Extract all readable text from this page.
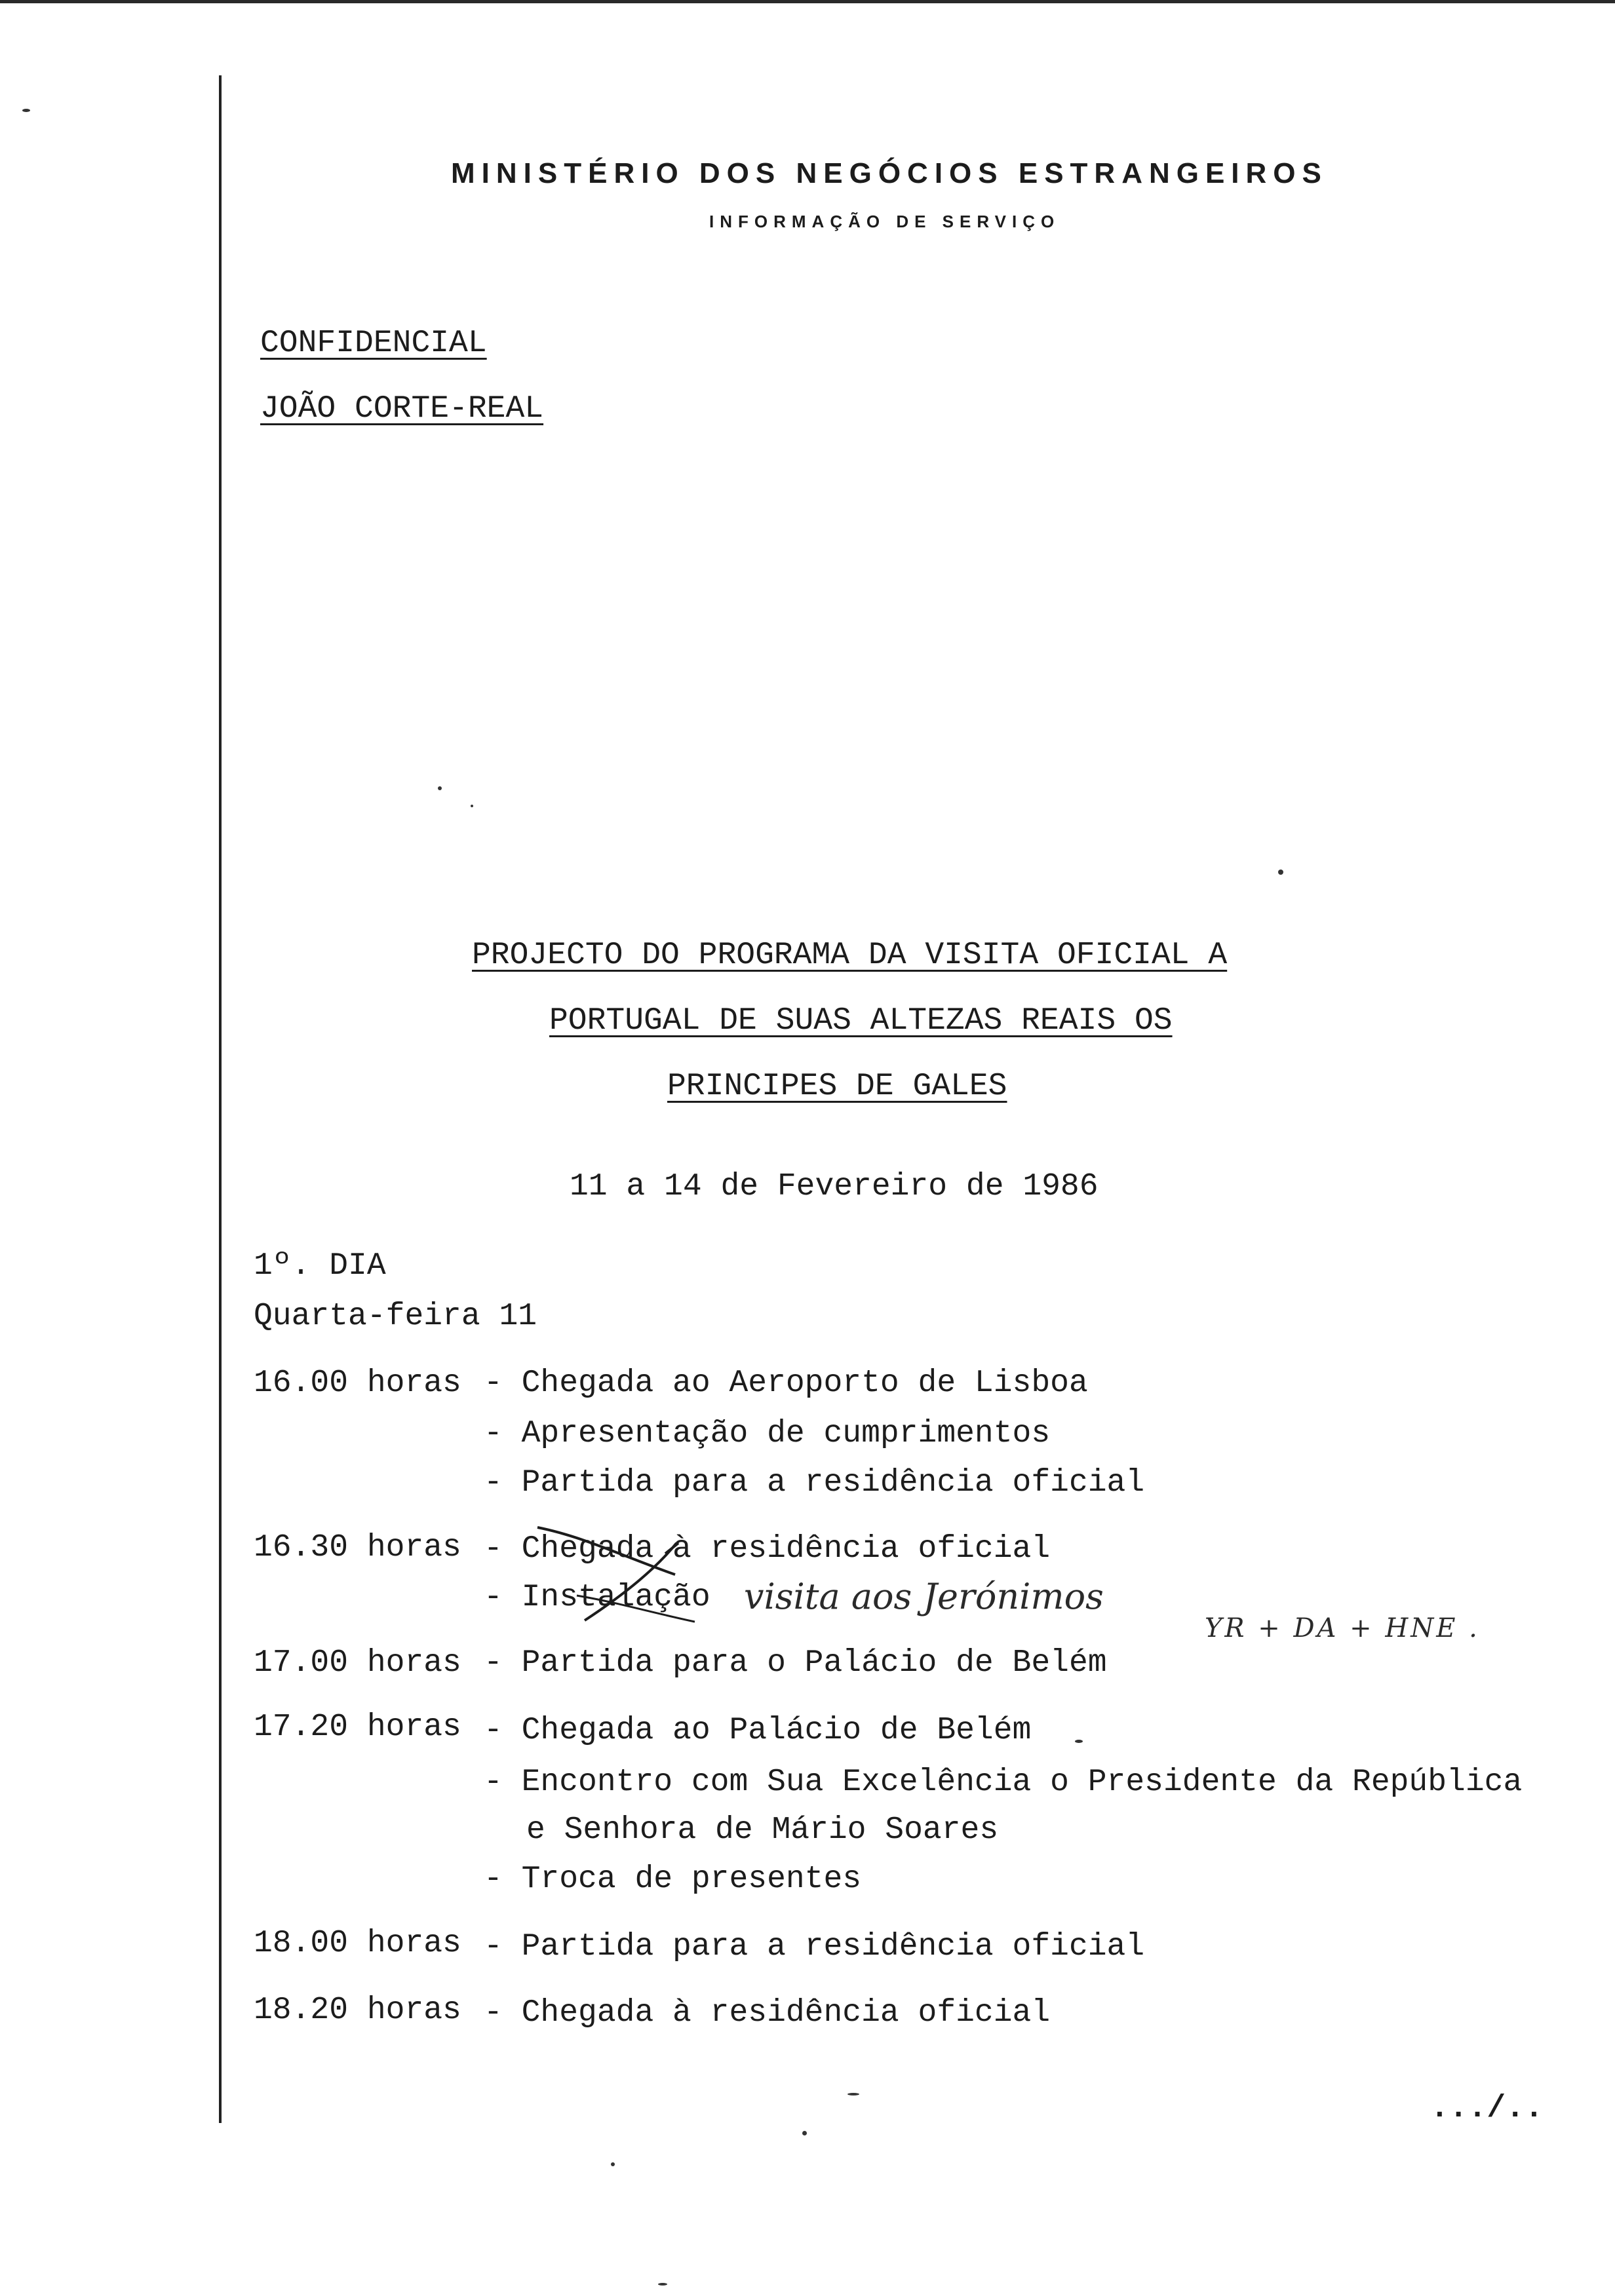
MINISTÉRIO DOS NEGÓCIOS ESTRANGEIROS
INFORMAÇÃO DE SERVIÇO
CONFIDENCIAL
JOÃO CORTE-REAL
PROJECTO DO PROGRAMA DA VISITA OFICIAL A
PORTUGAL DE SUAS ALTEZAS REAIS OS
PRINCIPES DE GALES
11 a 14 de Fevereiro de 1986
1º. DIA
Quarta-feira 11
16.00 horas - Chegada ao Aeroporto de Lisboa
- Apresentação de cumprimentos
- Partida para a residência oficial
16.30 horas - Chegada à residência oficial
- Instalação visita aos Jerónimos
YR + DA + HNE .
17.00 horas - Partida para o Palácio de Belém
17.20 horas - Chegada ao Palácio de Belém
- Encontro com Sua Excelência o Presidente da República
e Senhora de Mário Soares
- Troca de presentes
18.00 horas - Partida para a residência oficial
18.20 horas - Chegada à residência oficial
.../..
